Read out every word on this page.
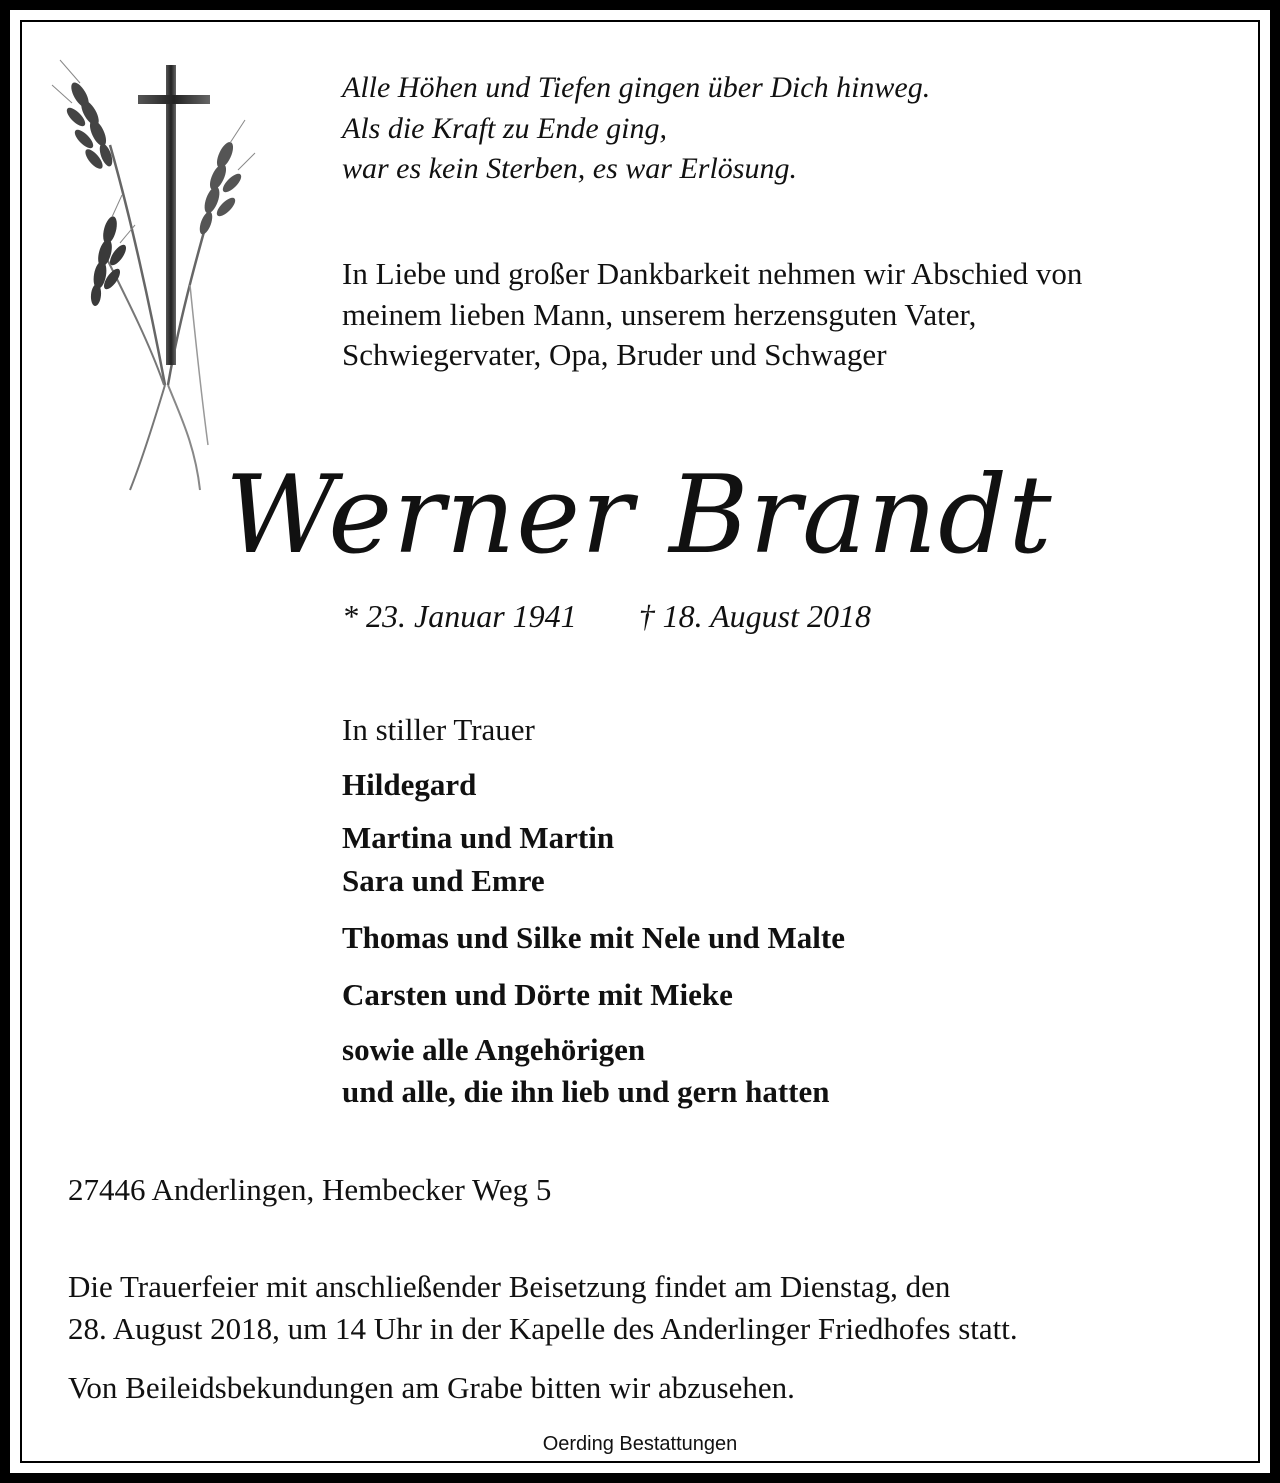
Alle Höhen und Tiefen gingen über Dich hinweg.
Als die Kraft zu Ende ging,
war es kein Sterben, es war Erlösung.
In Liebe und großer Dankbarkeit nehmen wir Abschied von
meinem lieben Mann, unserem herzensguten Vater,
Schwiegervater, Opa, Bruder und Schwager
Werner Brandt
* 23. Januar 1941 † 18. August 2018
In stiller Trauer
Hildegard
Martina und Martin
Sara und Emre
Thomas und Silke mit Nele und Malte
Carsten und Dörte mit Mieke
sowie alle Angehörigen
und alle, die ihn lieb und gern hatten
27446 Anderlingen, Hembecker Weg 5
Die Trauerfeier mit anschließender Beisetzung findet am Dienstag, den
28. August 2018, um 14 Uhr in der Kapelle des Anderlinger Friedhofes statt.
Von Beileidsbekundungen am Grabe bitten wir abzusehen.
Oerding Bestattungen
